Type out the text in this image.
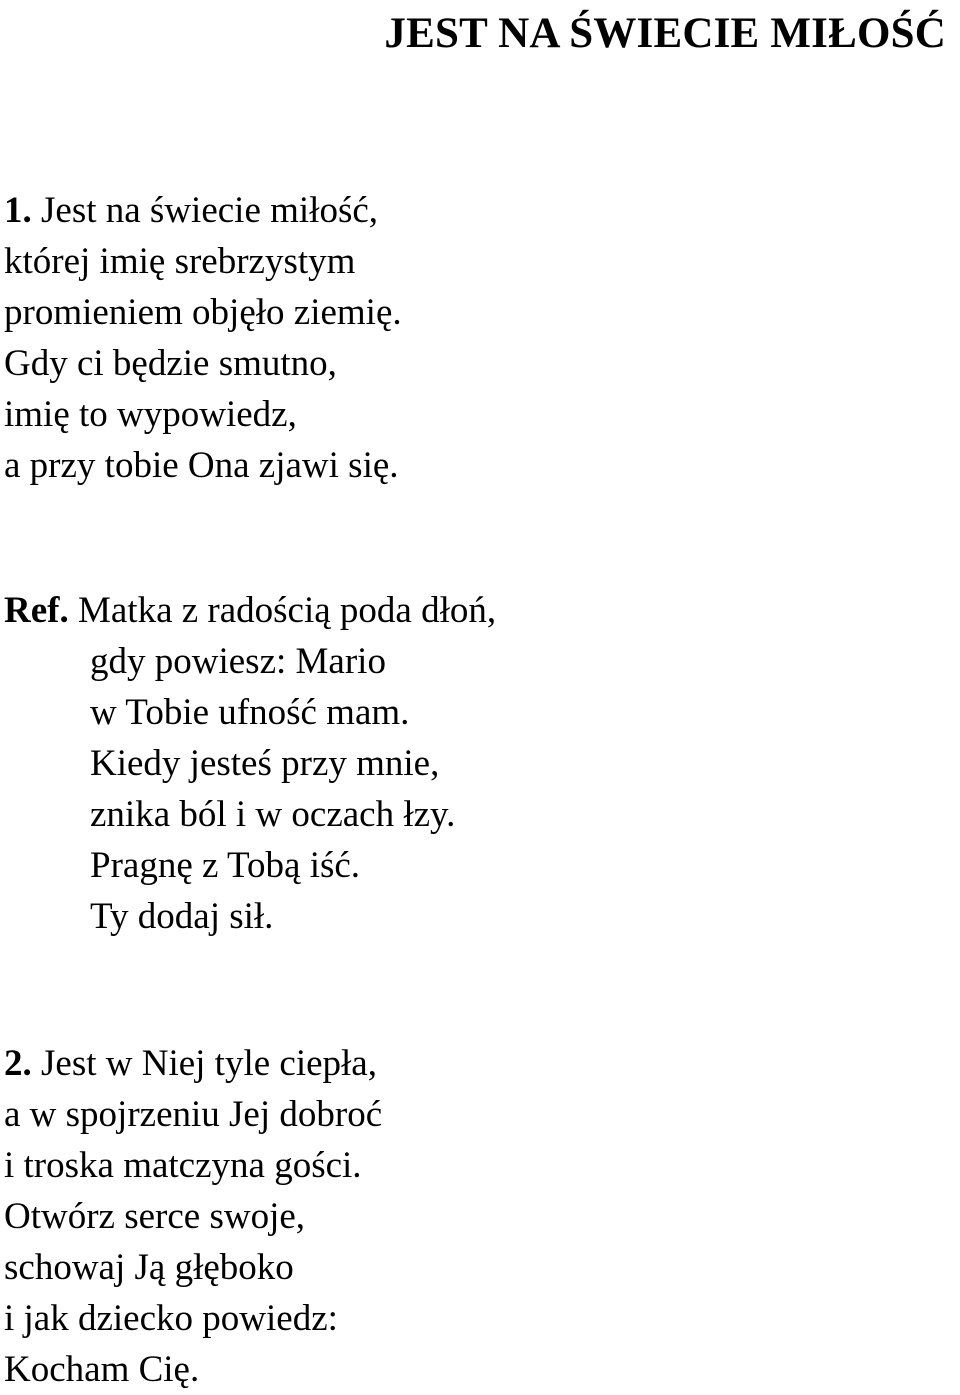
JEST NA ŚWIECIE MIŁOŚĆ
1. Jest na świecie miłość,
której imię srebrzystym
promieniem objęło ziemię.
Gdy ci będzie smutno,
imię to wypowiedz,
a przy tobie Ona zjawi się.
Ref. Matka z radością poda dłoń,
gdy powiesz: Mario
w Tobie ufność mam.
Kiedy jesteś przy mnie,
znika ból i w oczach łzy.
Pragnę z Tobą iść.
Ty dodaj sił.
2. Jest w Niej tyle ciepła,
a w spojrzeniu Jej dobroć
i troska matczyna gości.
Otwórz serce swoje,
schowaj Ją głęboko
i jak dziecko powiedz:
Kocham Cię.
